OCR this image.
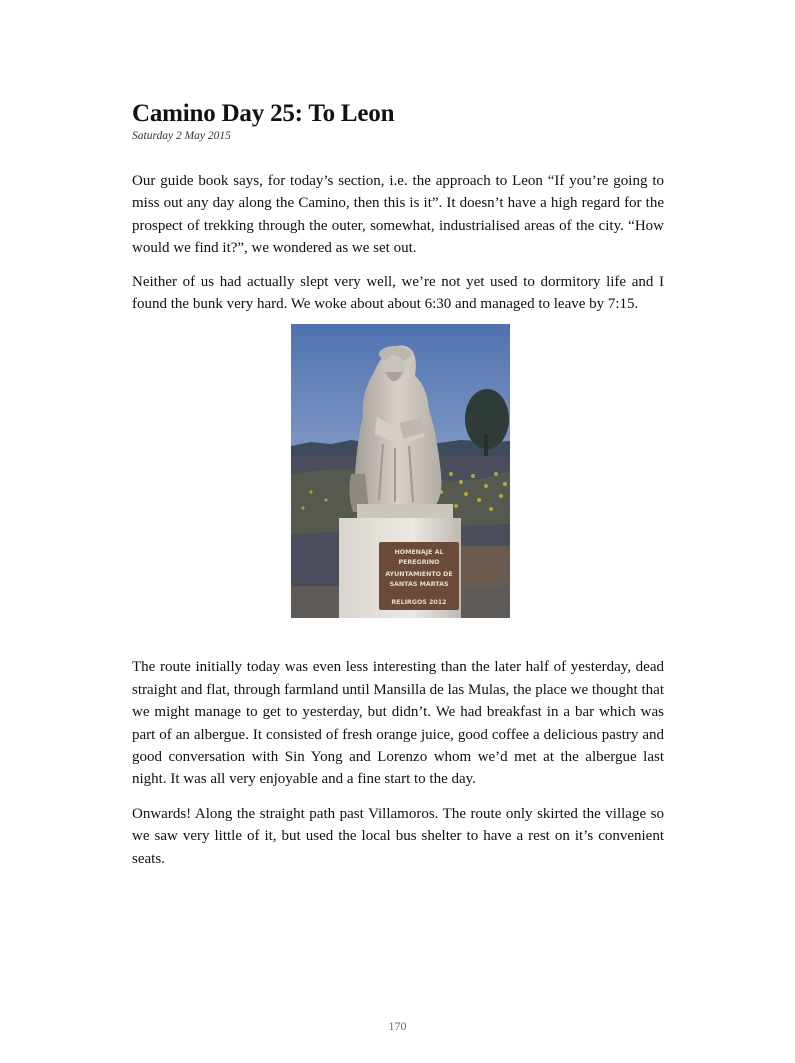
Camino Day 25: To Leon
Saturday 2 May 2015

Our guide book says, for today’s section, i.e. the approach to Leon “If you’re going to miss out any day along the Camino, then this is it”. It doesn’t have a high regard for the prospect of trekking through the outer, somewhat, industrialised areas of the city. “How would we find it?”, we wondered as we set out.

Neither of us had actually slept very well, we’re not yet used to dormitory life and I found the bunk very hard. We woke about about 6:30 and managed to leave by 7:15.

HOMENAJE AL
PEREGRINO
AYUNTAMIENTO DE
SANTAS MARTAS
RELIRGOS 2012

The route initially today was even less interesting than the later half of yesterday, dead straight and flat, through farmland until Mansilla de las Mulas, the place we thought that we might manage to get to yesterday, but didn’t. We had breakfast in a bar which was part of an albergue. It consisted of fresh orange juice, good coffee a delicious pastry and good conversation with Sin Yong and Lorenzo whom we’d met at the albergue last night. It was all very enjoyable and a fine start to the day.

Onwards! Along the straight path past Villamoros. The route only skirted the village so we saw very little of it, but used the local bus shelter to have a rest on it’s convenient seats.

170
